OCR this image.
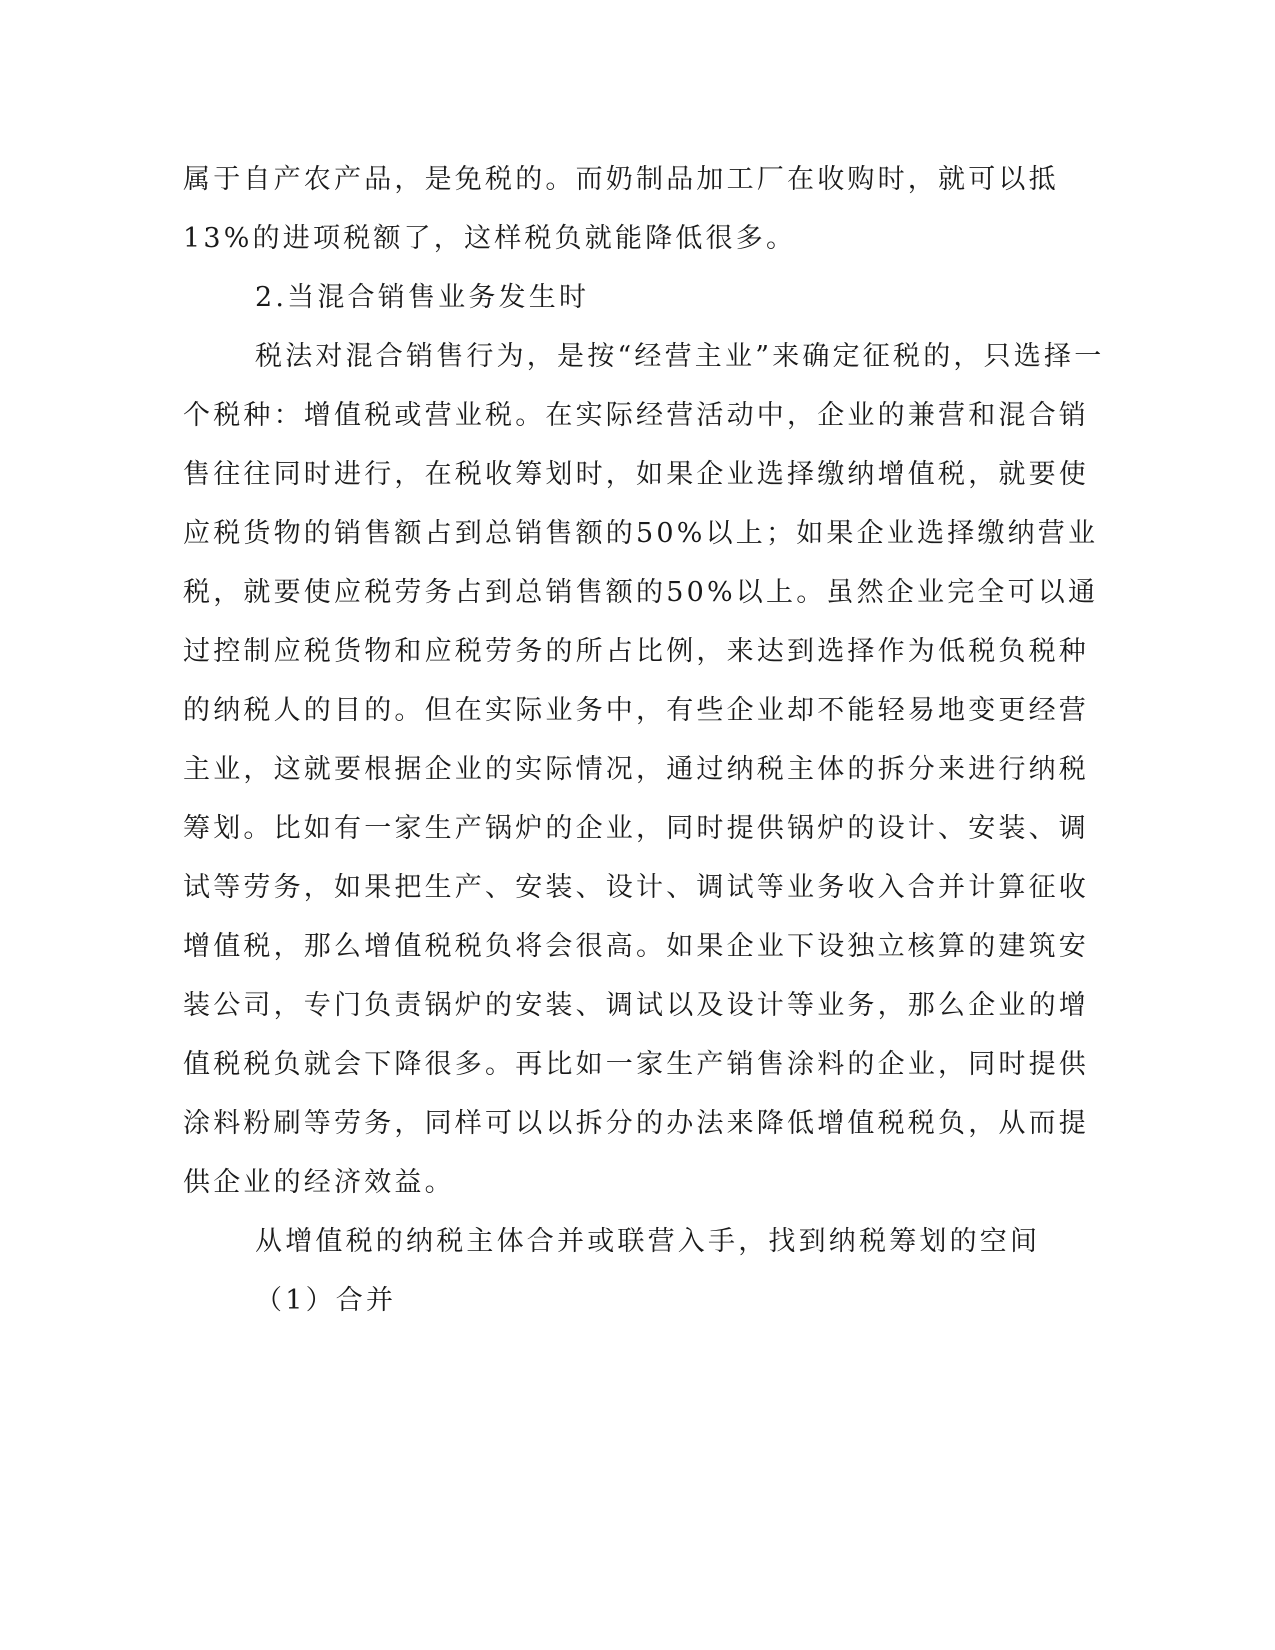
属于自产农产品，是免税的。而奶制品加工厂在收购时，就可以抵
13%的进项税额了，这样税负就能降低很多。
2.当混合销售业务发生时
税法对混合销售行为，是按“经营主业”来确定征税的，只选择一
个税种：增值税或营业税。在实际经营活动中，企业的兼营和混合销
售往往同时进行，在税收筹划时，如果企业选择缴纳增值税，就要使
应税货物的销售额占到总销售额的50%以上；如果企业选择缴纳营业
税，就要使应税劳务占到总销售额的50%以上。虽然企业完全可以通
过控制应税货物和应税劳务的所占比例，来达到选择作为低税负税种
的纳税人的目的。但在实际业务中，有些企业却不能轻易地变更经营
主业，这就要根据企业的实际情况，通过纳税主体的拆分来进行纳税
筹划。比如有一家生产锅炉的企业，同时提供锅炉的设计、安装、调
试等劳务，如果把生产、安装、设计、调试等业务收入合并计算征收
增值税，那么增值税税负将会很高。如果企业下设独立核算的建筑安
装公司，专门负责锅炉的安装、调试以及设计等业务，那么企业的增
值税税负就会下降很多。再比如一家生产销售涂料的企业，同时提供
涂料粉刷等劳务，同样可以以拆分的办法来降低增值税税负，从而提
供企业的经济效益。
从增值税的纳税主体合并或联营入手，找到纳税筹划的空间
（1）合并
